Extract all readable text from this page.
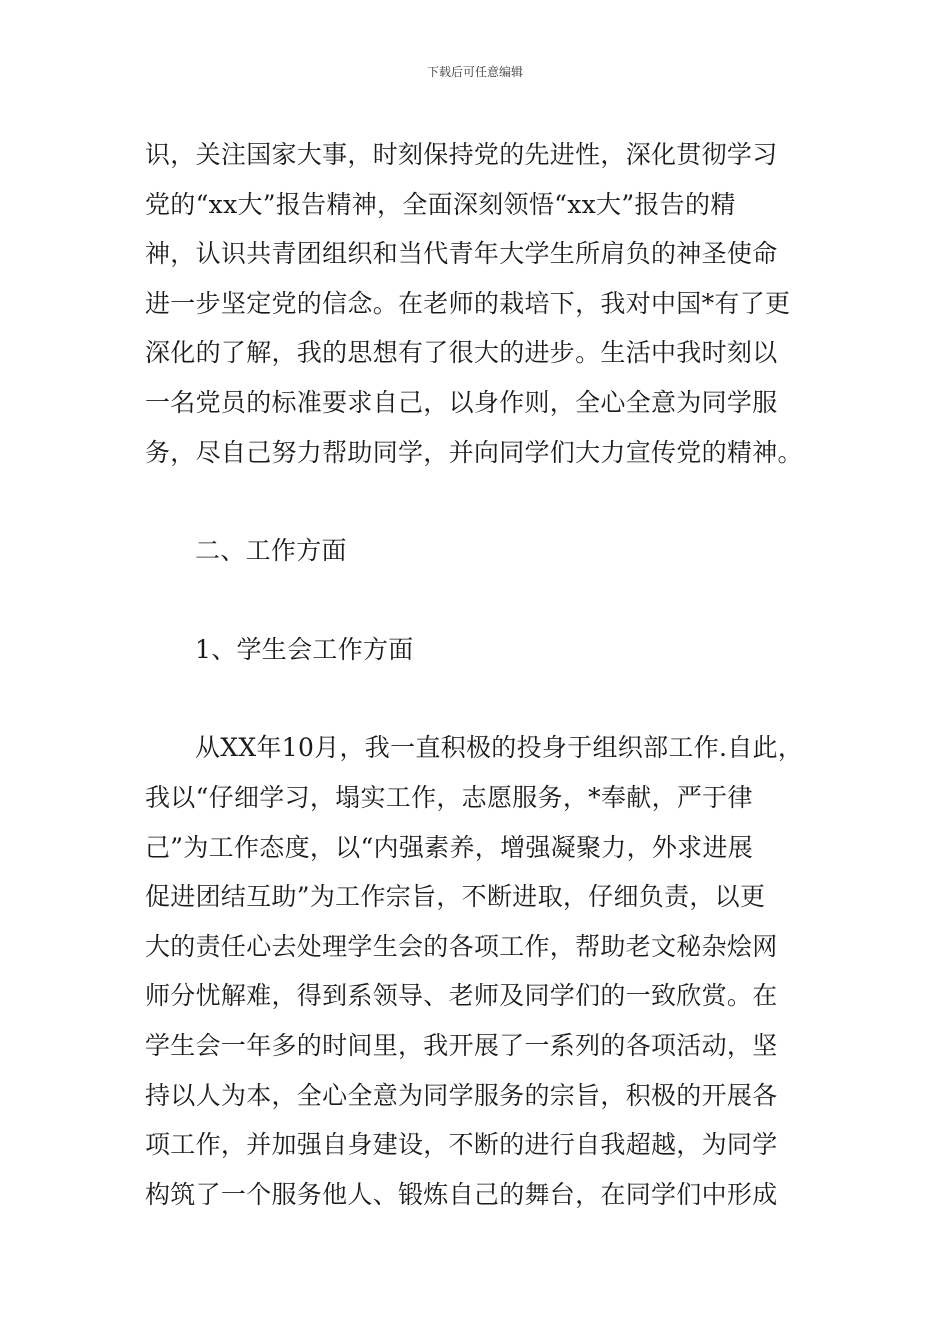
下载后可任意编辑

识，关注国家大事，时刻保持党的先进性，深化贯彻学习
党的“xx大”报告精神，全面深刻领悟“xx大”报告的精
神，认识共青团组织和当代青年大学生所肩负的神圣使命
进一步坚定党的信念。在老师的栽培下，我对中国*有了更
深化的了解，我的思想有了很大的进步。生活中我时刻以
一名党员的标准要求自己，以身作则，全心全意为同学服
务，尽自己努力帮助同学，并向同学们大力宣传党的精神。

二、工作方面

1、学生会工作方面

从XX年10月，我一直积极的投身于组织部工作.自此，
我以“仔细学习，塌实工作，志愿服务，*奉献，严于律
己”为工作态度，以“内强素养，增强凝聚力，外求进展
促进团结互助”为工作宗旨，不断进取，仔细负责，以更
大的责任心去处理学生会的各项工作，帮助老文秘杂烩网
师分忧解难，得到系领导、老师及同学们的一致欣赏。在
学生会一年多的时间里，我开展了一系列的各项活动，坚
持以人为本，全心全意为同学服务的宗旨，积极的开展各
项工作，并加强自身建设，不断的进行自我超越，为同学
构筑了一个服务他人、锻炼自己的舞台，在同学们中形成
